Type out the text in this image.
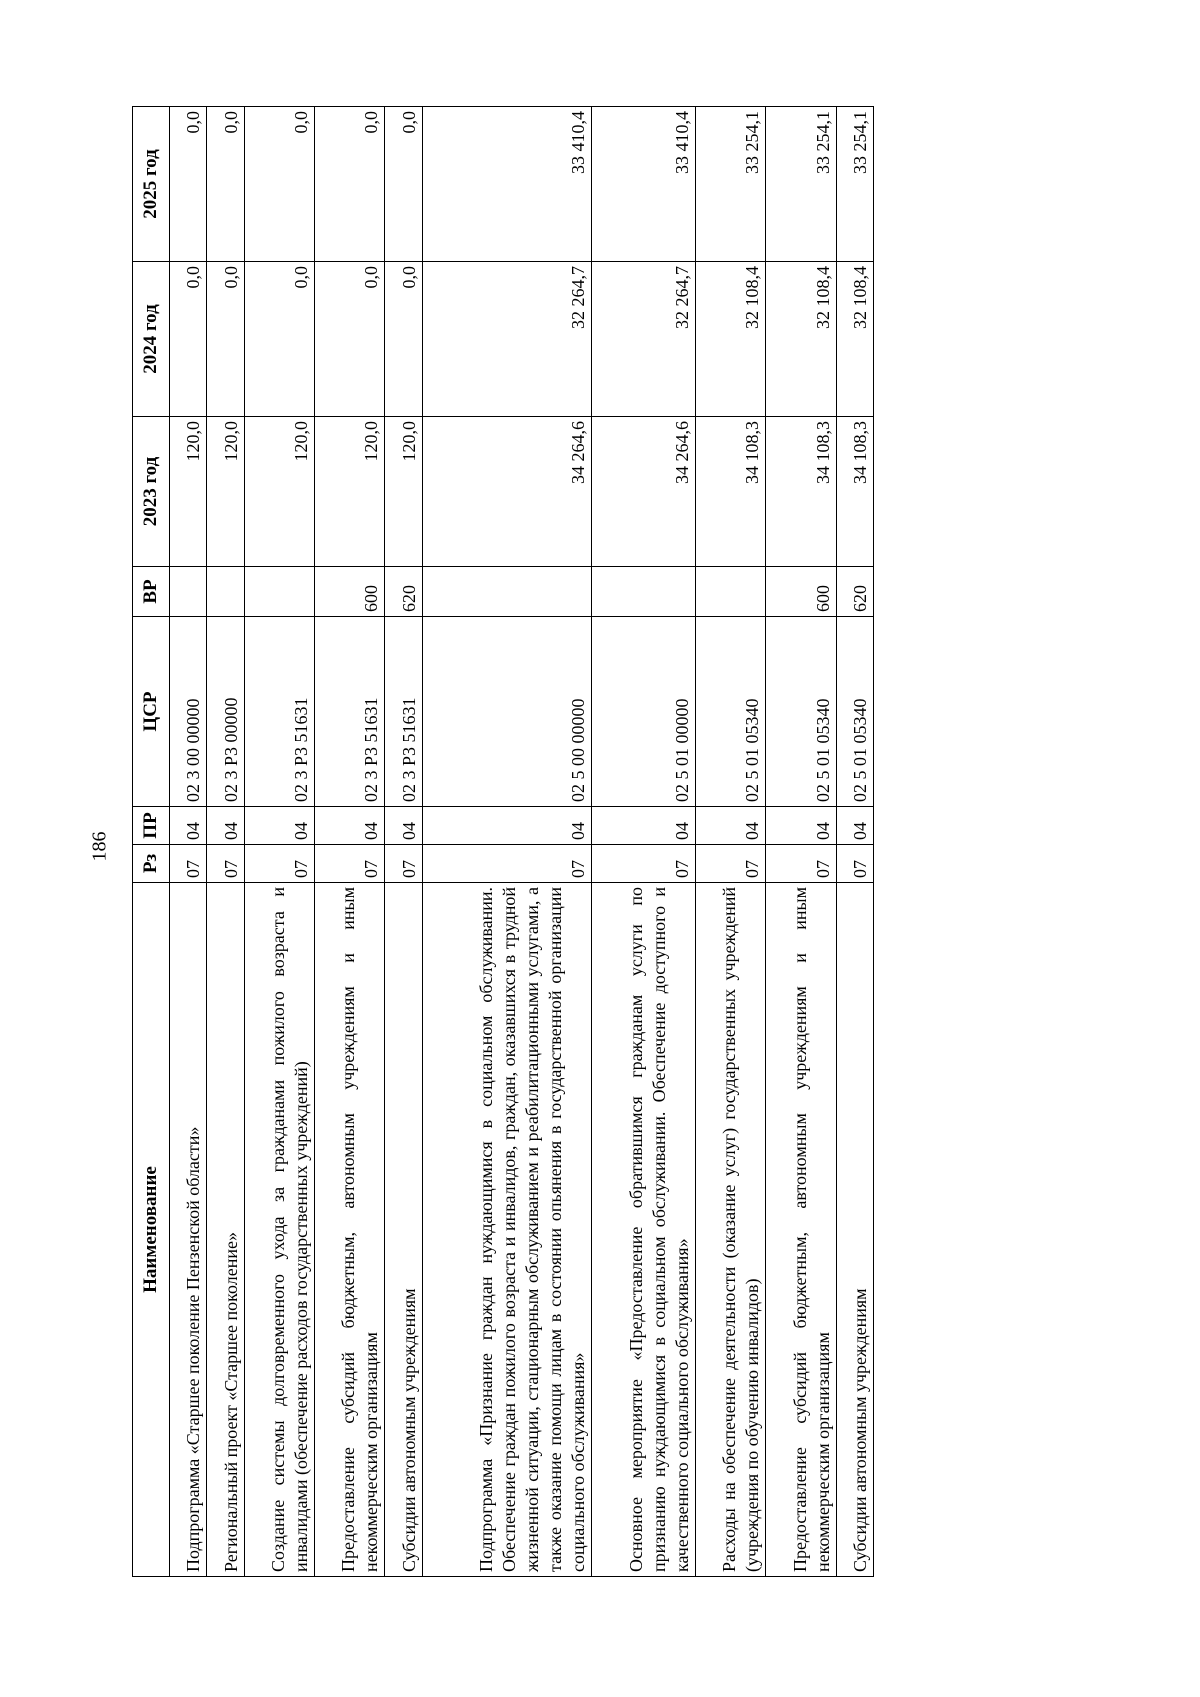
186
Наименование	Рз	ПР	ЦСР	ВР	2023 год	2024 год	2025 год
Подпрограмма «Старшее поколение Пензенской области»	07	04	02 3 00 00000		120,0	0,0	0,0
Региональный проект «Старшее поколение»	07	04	02 3 P3 00000		120,0	0,0	0,0
Создание системы долговременного ухода за гражданами пожилого возраста и инвалидами (обеспечение расходов государственных учреждений)	07	04	02 3 P3 51631		120,0	0,0	0,0
Предоставление субсидий бюджетным, автономным учреждениям и иным некоммерческим организациям	07	04	02 3 P3 51631	600	120,0	0,0	0,0
Субсидии автономным учреждениям	07	04	02 3 P3 51631	620	120,0	0,0	0,0
Подпрограмма «Признание граждан нуждающимися в социальном обслуживании. Обеспечение граждан пожилого возраста и инвалидов, граждан, оказавшихся в трудной жизненной ситуации, стационарным обслуживанием и реабилитационными услугами, а также оказание помощи лицам в состоянии опьянения в государственной организации социального обслуживания»	07	04	02 5 00 00000		34 264,6	32 264,7	33 410,4
Основное мероприятие «Предоставление обратившимся гражданам услуги по признанию нуждающимися в социальном обслуживании. Обеспечение доступного и качественного социального обслуживания»	07	04	02 5 01 00000		34 264,6	32 264,7	33 410,4
Расходы на обеспечение деятельности (оказание услуг) государственных учреждений (учреждения по обучению инвалидов)	07	04	02 5 01 05340		34 108,3	32 108,4	33 254,1
Предоставление субсидий бюджетным, автономным учреждениям и иным некоммерческим организациям	07	04	02 5 01 05340	600	34 108,3	32 108,4	33 254,1
Субсидии автономным учреждениям	07	04	02 5 01 05340	620	34 108,3	32 108,4	33 254,1
